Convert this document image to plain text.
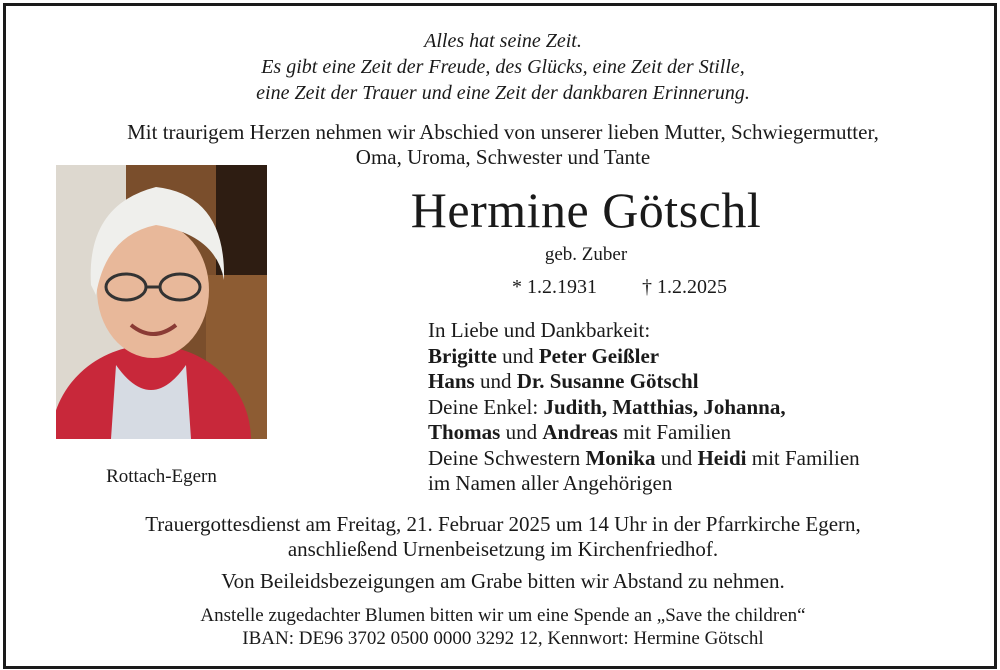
Alles hat seine Zeit.
Es gibt eine Zeit der Freude, des Glücks, eine Zeit der Stille,
eine Zeit der Trauer und eine Zeit der dankbaren Erinnerung.
Mit traurigem Herzen nehmen wir Abschied von unserer lieben Mutter, Schwiegermutter,
Oma, Uroma, Schwester und Tante
Rottach-Egern
Hermine Götschl
geb. Zuber
* 1.2.1931 † 1.2.2025
In Liebe und Dankbarkeit:
Brigitte und Peter Geißler
Hans und Dr. Susanne Götschl
Deine Enkel: Judith, Matthias, Johanna,
Thomas und Andreas mit Familien
Deine Schwestern Monika und Heidi mit Familien
im Namen aller Angehörigen
Trauergottesdienst am Freitag, 21. Februar 2025 um 14 Uhr in der Pfarrkirche Egern,
anschließend Urnenbeisetzung im Kirchenfriedhof.
Von Beileidsbezeigungen am Grabe bitten wir Abstand zu nehmen.
Anstelle zugedachter Blumen bitten wir um eine Spende an „Save the children“
IBAN: DE96 3702 0500 0000 3292 12, Kennwort: Hermine Götschl
